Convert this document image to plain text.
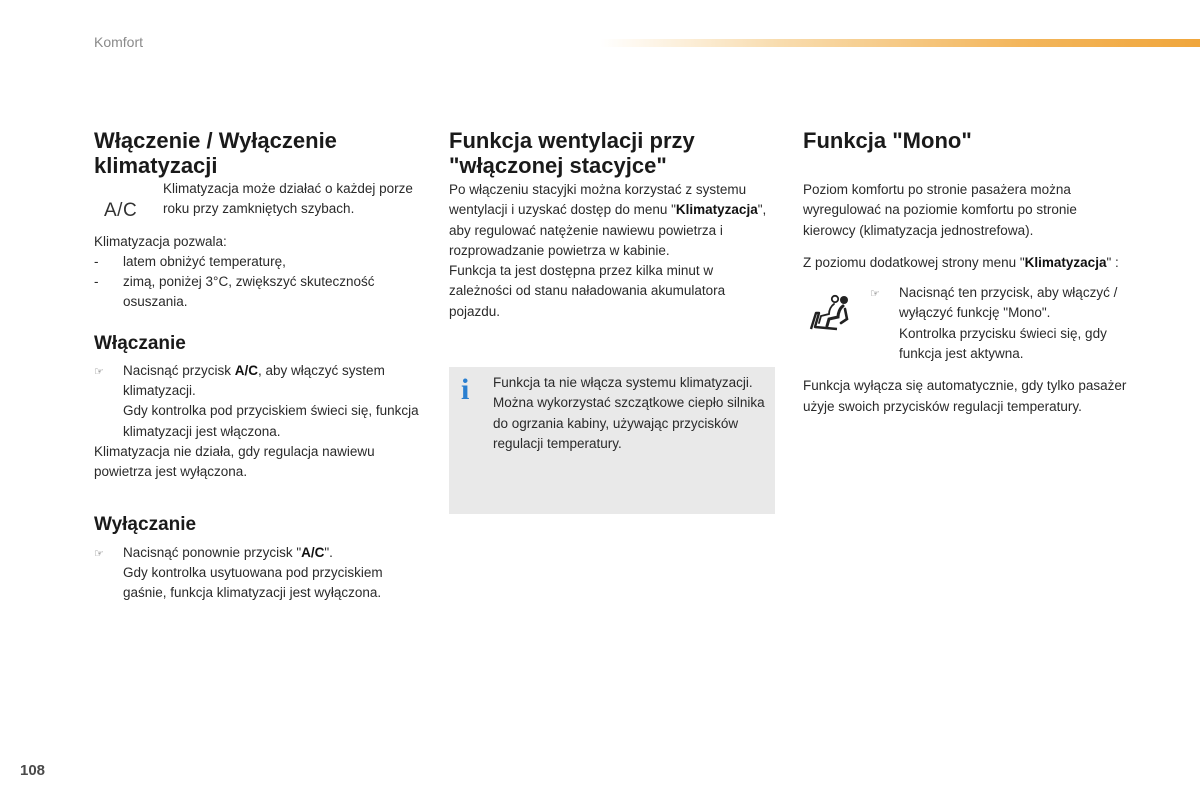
Komfort
Włączenie / Wyłączenie klimatyzacji
A/C

Klimatyzacja może działać o każdej porze roku przy zamkniętych szybach.

Klimatyzacja pozwala:

- latem obniżyć temperaturę,
- zimą, poniżej 3°C, zwiększyć skuteczność osuszania.
Włączanie
☞ Nacisnąć przycisk A/C, aby włączyć system klimatyzacji.
Gdy kontrolka pod przyciskiem świeci się, funkcja klimatyzacji jest włączona.

Klimatyzacja nie działa, gdy regulacja nawiewu powietrza jest wyłączona.

Wyłączanie
☞ Nacisnąć ponownie przycisk "A/C".
Gdy kontrolka usytuowana pod przyciskiem gaśnie, funkcja klimatyzacji jest wyłączona.
Funkcja wentylacji przy "włączonej stacyjce"

Po włączeniu stacyjki można korzystać z systemu wentylacji i uzyskać dostęp do menu "Klimatyzacja", aby regulować natężenie nawiewu powietrza i rozprowadzanie powietrza w kabinie.

Funkcja ta jest dostępna przez kilka minut w zależności od stanu naładowania akumulatora pojazdu.

i Funkcja ta nie włącza systemu klimatyzacji.

Można wykorzystać szczątkowe ciepło silnika do ogrzania kabiny, używając przycisków regulacji temperatury.

Funkcja "Mono"

Poziom komfortu po stronie pasażera można wyregulować na poziomie komfortu po stronie kierowcy (klimatyzacja jednostrefowa).

Z poziomu dodatkowej strony menu "Klimatyzacja" :

☞ Nacisnąć ten przycisk, aby włączyć / wyłączyć funkcję "Mono".
Kontrolka przycisku świeci się, gdy funkcja jest aktywna.

Funkcja wyłącza się automatycznie, gdy tylko pasażer użyje swoich przycisków regulacji temperatury.

108
